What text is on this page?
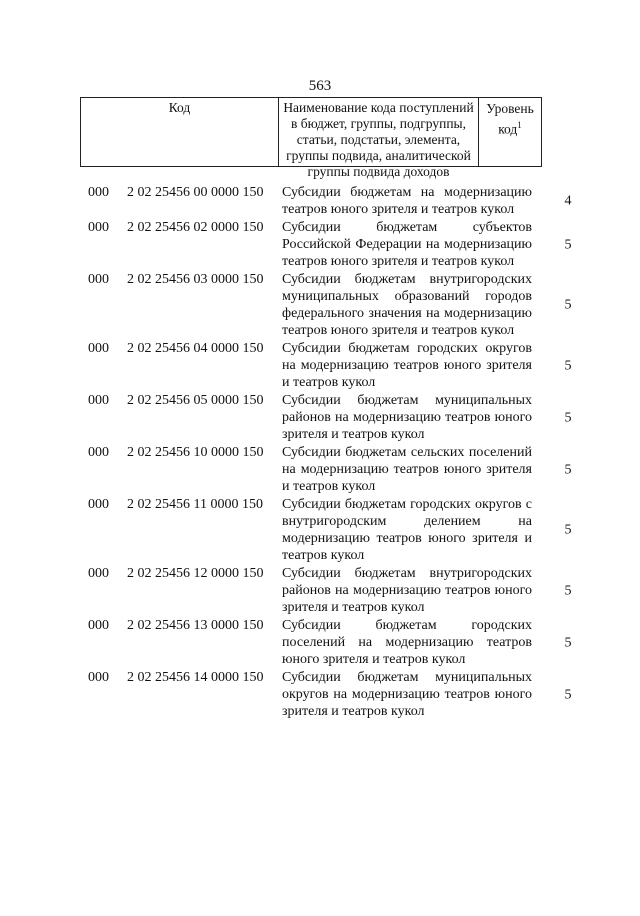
563
Код	Наименование кода поступлений в бюджет, группы, подгруппы, статьи, подстатьи, элемента, группы подвида, аналитической группы подвида доходов
Уровень код$^1$
000 2 02 25456 00 0000 150 Субсидии бюджетам на модернизацию театров юного зрителя и театров кукол
4
000 2 02 25456 02 0000 150 Субсидии бюджетам субъектов Российской Федерации на модернизацию театров юного зрителя и театров кукол
5
000 2 02 25456 03 0000 150 Субсидии бюджетам внутригородских муниципальных образований городов федерального значения на модернизацию театров юного зрителя и театров кукол
5
000 2 02 25456 04 0000 150 Субсидии бюджетам городских округов на модернизацию театров юного зрителя и театров кукол
5
000 2 02 25456 05 0000 150 Субсидии бюджетам муниципальных районов на модернизацию театров юного зрителя и театров кукол
5
000 2 02 25456 10 0000 150 Субсидии бюджетам сельских поселений на модернизацию театров юного зрителя и театров кукол
5
000 2 02 25456 11 0000 150 Субсидии бюджетам городских округов с внутригородским делением на модернизацию театров юного зрителя и театров кукол
5
000 2 02 25456 12 0000 150 Субсидии бюджетам внутригородских районов на модернизацию театров юного зрителя и театров кукол
5
000 2 02 25456 13 0000 150 Субсидии бюджетам городских поселений на модернизацию театров юного зрителя и театров кукол
5
000 2 02 25456 14 0000 150 Субсидии бюджетам муниципальных округов на модернизацию театров юного зрителя и театров кукол
5
